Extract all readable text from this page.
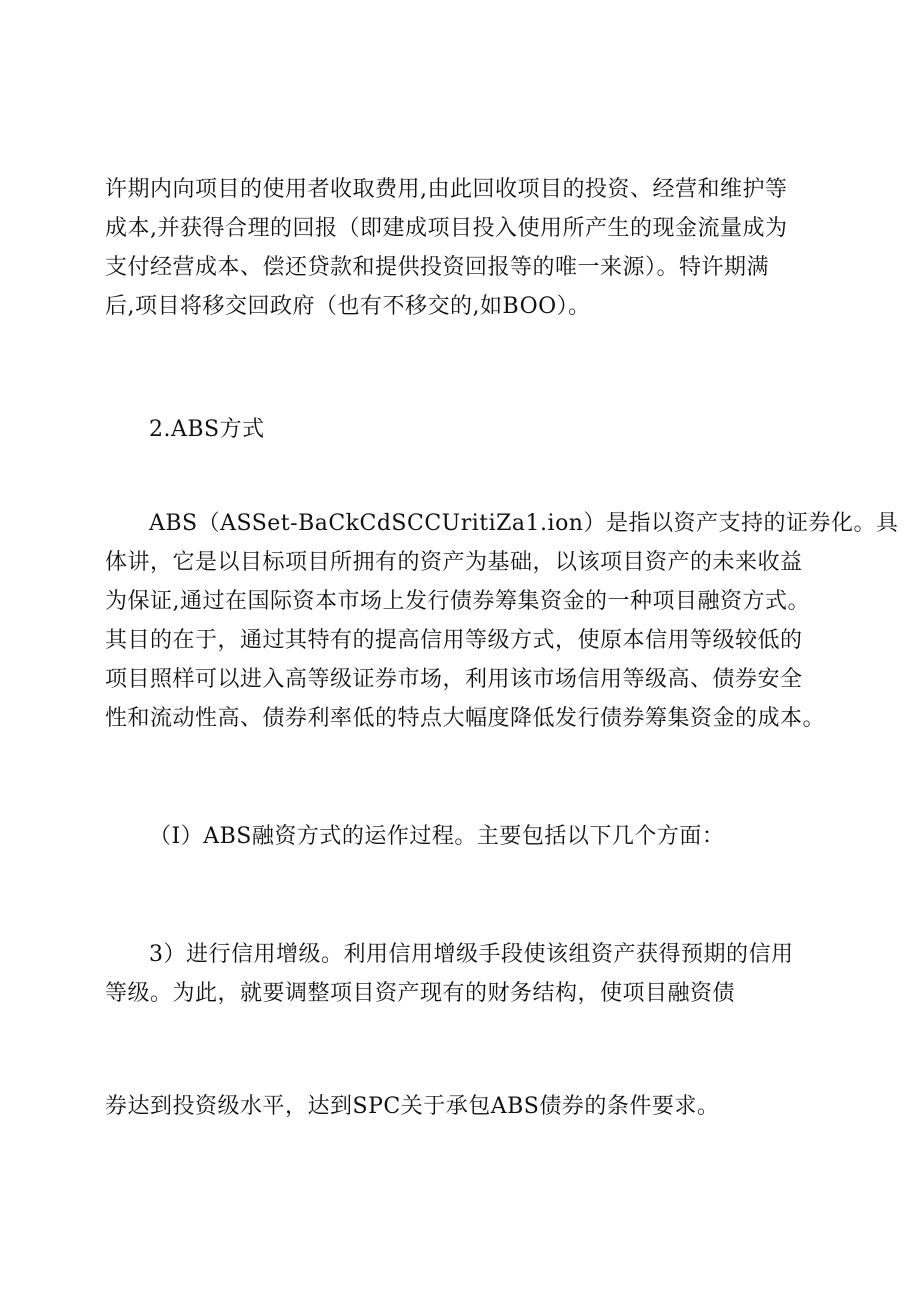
许期内向项目的使用者收取费用,由此回收项目的投资、经营和维护等
成本,并获得合理的回报（即建成项目投入使用所产生的现金流量成为
支付经营成本、偿还贷款和提供投资回报等的唯一来源）。特许期满
后,项目将移交回政府（也有不移交的,如BOO）。

2.ABS方式

ABS（ASSet-BaCkCdSCCUritiZa1.ion）是指以资产支持的证券化。具
体讲，它是以目标项目所拥有的资产为基础，以该项目资产的未来收益
为保证,通过在国际资本市场上发行债券筹集资金的一种项目融资方式。
其目的在于，通过其特有的提高信用等级方式，使原本信用等级较低的
项目照样可以进入高等级证券市场，利用该市场信用等级高、债券安全
性和流动性高、债券利率低的特点大幅度降低发行债券筹集资金的成本。

（I）ABS融资方式的运作过程。主要包括以下几个方面：

3）进行信用增级。利用信用增级手段使该组资产获得预期的信用
等级。为此，就要调整项目资产现有的财务结构，使项目融资债

券达到投资级水平，达到SPC关于承包ABS债券的条件要求。
